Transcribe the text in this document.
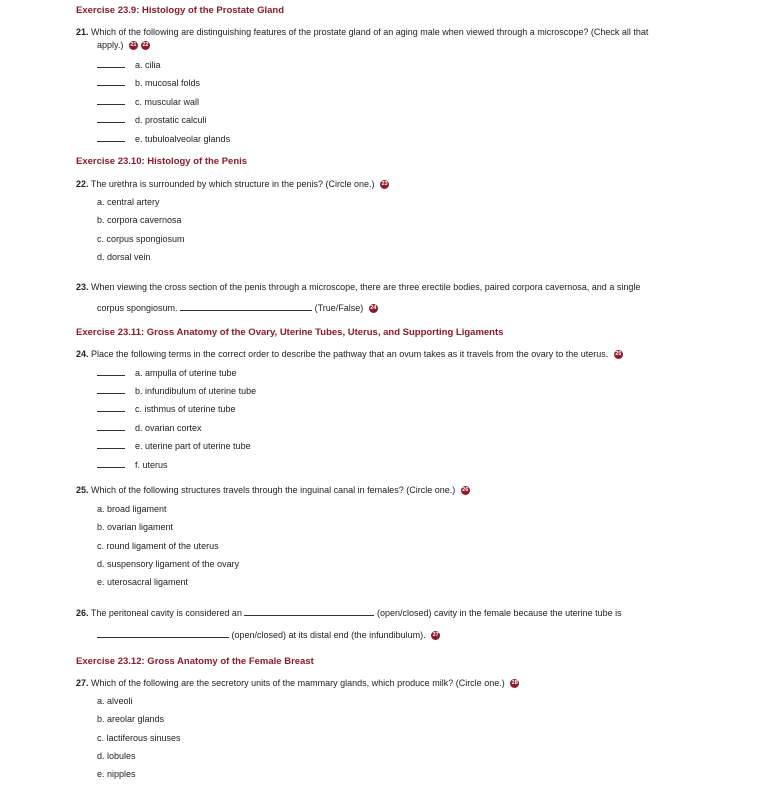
Exercise 23.9: Histology of the Prostate Gland
21. Which of the following are distinguishing features of the prostate gland of an aging male when viewed through a microscope? (Check all that
apply.) 21 22
a. cilia
b. mucosal folds
c. muscular wall
d. prostatic calculi
e. tubuloalveolar glands
Exercise 23.10: Histology of the Penis
22. The urethra is surrounded by which structure in the penis? (Circle one.) 23
a. central artery
b. corpora cavernosa
c. corpus spongiosum
d. dorsal vein
23. When viewing the cross section of the penis through a microscope, there are three erectile bodies, paired corpora cavernosa, and a single
corpus spongiosum.	(True/False) 24
Exercise 23.11: Gross Anatomy of the Ovary, Uterine Tubes, Uterus, and Supporting Ligaments
24. Place the following terms in the correct order to describe the pathway that an ovum takes as it travels from the ovary to the uterus. 25
a. ampulla of uterine tube
b. infundibulum of uterine tube
c. isthmus of uterine tube
d. ovarian cortex
e. uterine part of uterine tube
f. uterus
25. Which of the following structures travels through the inguinal canal in females? (Circle one.) 26
a. broad ligament
b. ovarian ligament
c. round ligament of the uterus
d. suspensory ligament of the ovary
e. uterosacral ligament
26. The peritoneal cavity is considered an	(open/closed) cavity in the female because the uterine tube is
(open/closed) at its distal end (the infundibulum). 27
Exercise 23.12: Gross Anatomy of the Female Breast
27. Which of the following are the secretory units of the mammary glands, which produce milk? (Circle one.) 28
a. alveoli
b. areolar glands
c. lactiferous sinuses
d. lobules
e. nipples
